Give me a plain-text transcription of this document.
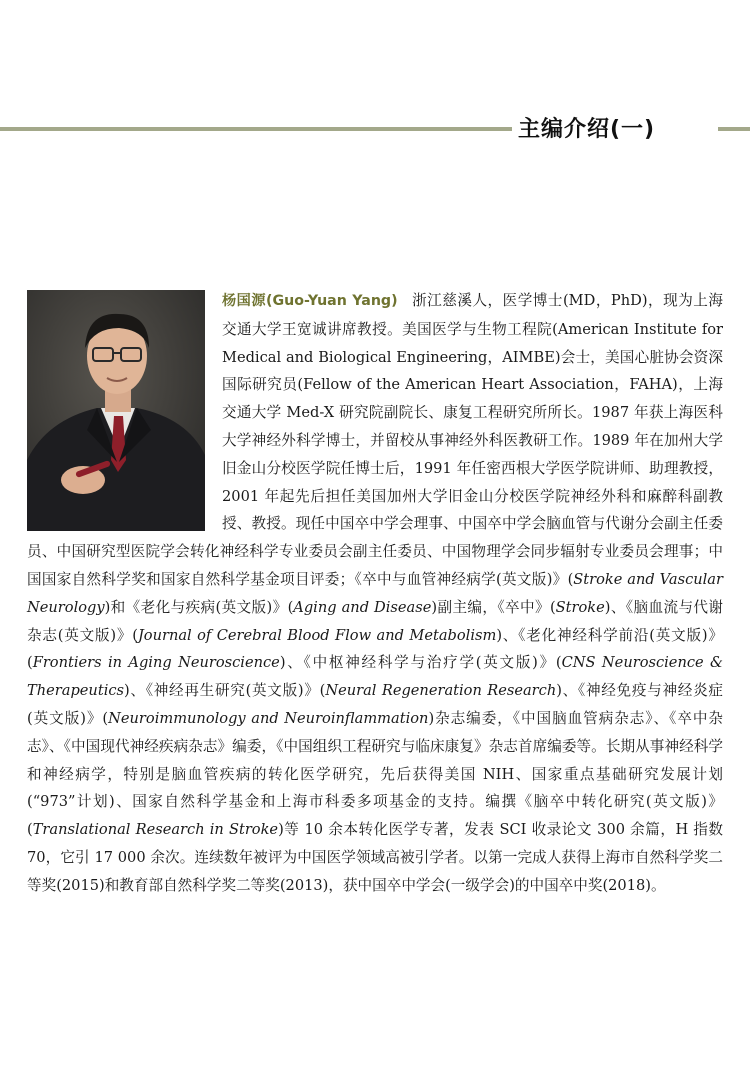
主编介绍(一)

杨国源(Guo-Yuan Yang) 浙江慈溪人，医学博士(MD，PhD)，现为上海交通大学王宽诚讲席教授。美国医学与生物工程院(American Institute for Medical and Biological Engineering，AIMBE)会士，美国心脏协会资深国际研究员(Fellow of the American Heart Association，FAHA)，上海交通大学 Med-X 研究院副院长、康复工程研究所所长。1987 年获上海医科大学神经外科学博士，并留校从事神经外科医教研工作。1989 年在加州大学旧金山分校医学院任博士后，1991 年任密西根大学医学院讲师、助理教授，2001 年起先后担任美国加州大学旧金山分校医学院神经外科和麻醉科副教授、教授。现任中国卒中学会理事、中国卒中学会脑血管与代谢分会副主任委员、中国研究型医院学会转化神经科学专业委员会副主任委员、中国物理学会同步辐射专业委员会理事；中国国家自然科学奖和国家自然科学基金项目评委；《卒中与血管神经病学(英文版)》(Stroke and Vascular Neurology)和《老化与疾病(英文版)》(Aging and Disease)副主编，《卒中》(Stroke)、《脑血流与代谢杂志(英文版)》(Journal of Cerebral Blood Flow and Metabolism)、《老化神经科学前沿(英文版)》(Frontiers in Aging Neuroscience)、《中枢神经科学与治疗学(英文版)》(CNS Neuroscience & Therapeutics)、《神经再生研究(英文版)》(Neural Regeneration Research)、《神经免疫与神经炎症(英文版)》(Neuroimmunology and Neuroinflammation)杂志编委，《中国脑血管病杂志》、《卒中杂志》、《中国现代神经疾病杂志》编委，《中国组织工程研究与临床康复》杂志首席编委等。长期从事神经科学和神经病学，特别是脑血管疾病的转化医学研究，先后获得美国 NIH、国家重点基础研究发展计划(“973”计划)、国家自然科学基金和上海市科委多项基金的支持。编撰《脑卒中转化研究(英文版)》(Translational Research in Stroke)等 10 余本转化医学专著，发表 SCI 收录论文 300 余篇，H 指数 70，它引 17 000 余次。连续数年被评为中国医学领域高被引学者。以第一完成人获得上海市自然科学奖二等奖(2015)和教育部自然科学奖二等奖(2013)，获中国卒中学会(一级学会)的中国卒中奖(2018)。
